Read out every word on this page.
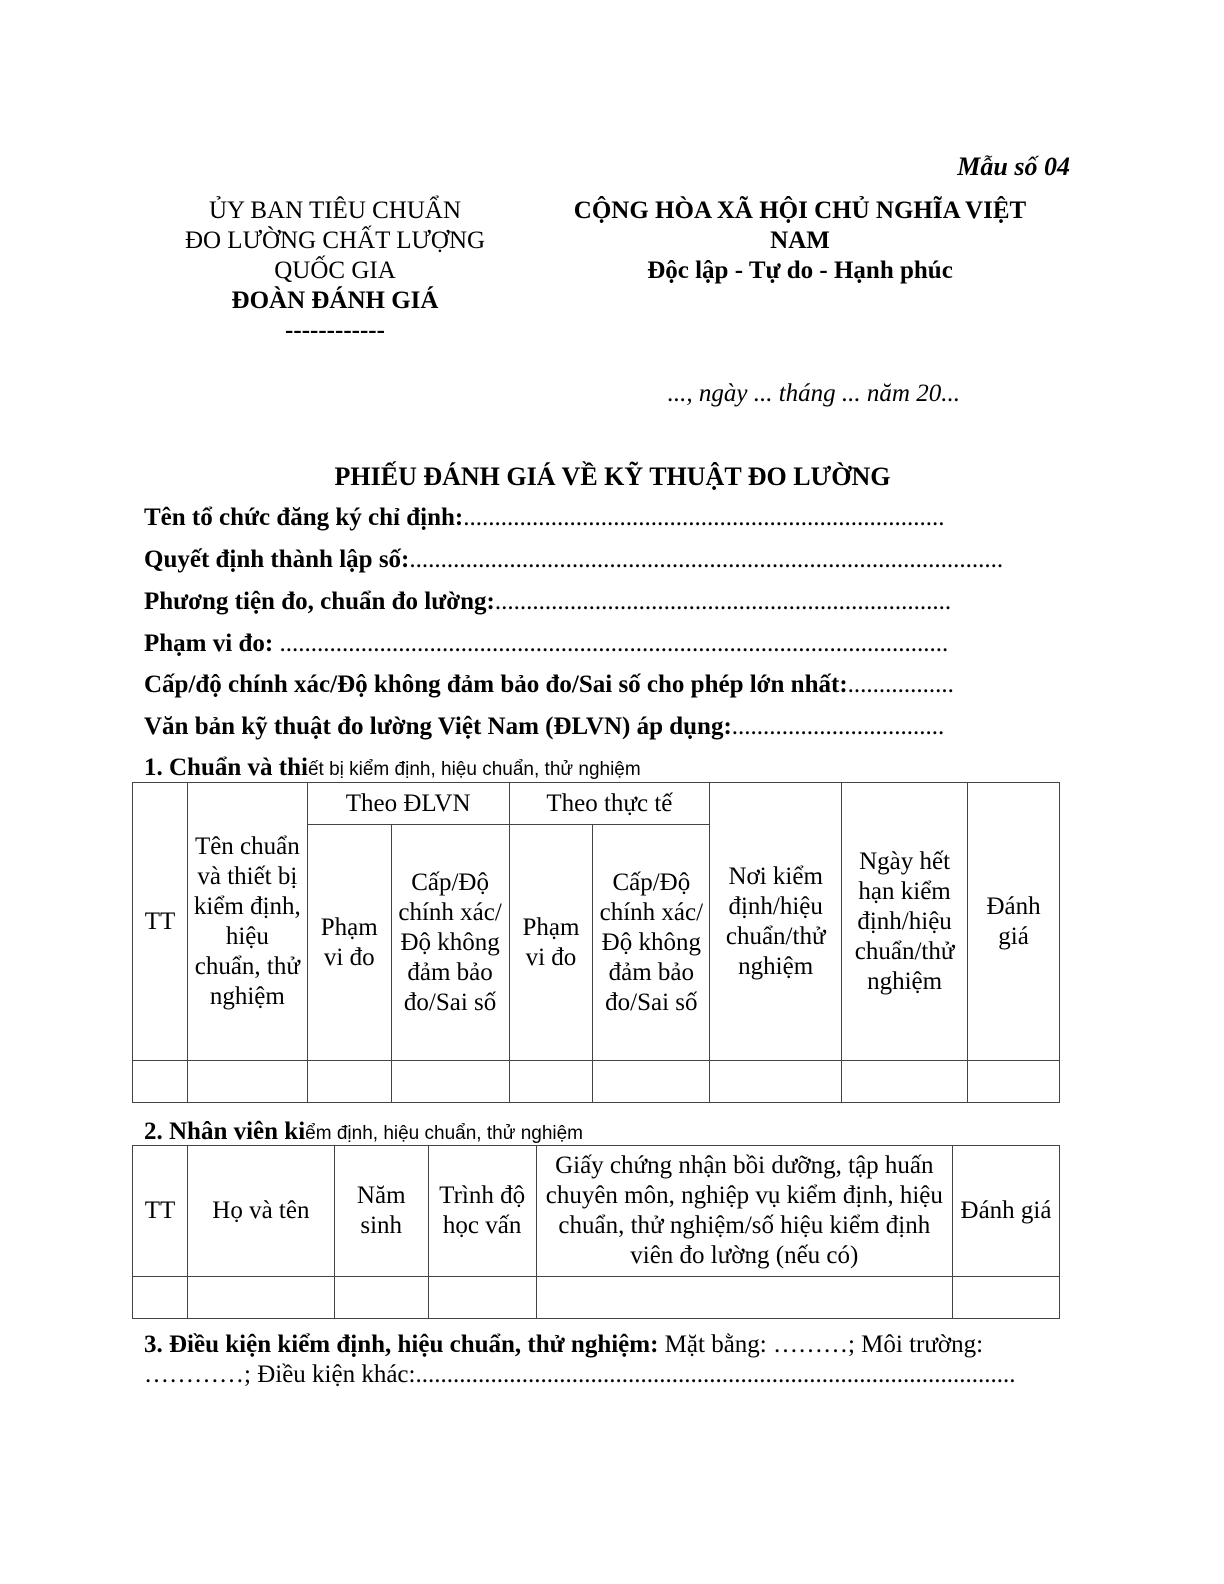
Mẫu số 04
ỦY BAN TIÊU CHUẨN
ĐO LƯỜNG CHẤT LƯỢNG
QUỐC GIA
ĐOÀN ĐÁNH GIÁ
------------
CỘNG HÒA XÃ HỘI CHỦ NGHĨA VIỆT
NAM
Độc lập - Tự do - Hạnh phúc
..., ngày ... tháng ... năm 20...
PHIẾU ĐÁNH GIÁ VỀ KỸ THUẬT ĐO LƯỜNG
Tên tổ chức đăng ký chỉ định:.............................................................................
Quyết định thành lập số:...............................................................................................
Phương tiện đo, chuẩn đo lường:.........................................................................
Phạm vi đo: ...........................................................................................................
Cấp/độ chính xác/Độ không đảm bảo đo/Sai số cho phép lớn nhất:.................
Văn bản kỹ thuật đo lường Việt Nam (ĐLVN) áp dụng:..................................
1. Chuẩn và thiết bị kiểm định, hiệu chuẩn, thử nghiệm
TT	Tên chuẩn và thiết bị kiểm định, hiệu chuẩn, thử nghiệm	Theo ĐLVN		Theo thực tế		Nơi kiểm định/hiệu chuẩn/thử nghiệm	Ngày hết hạn kiểm định/hiệu chuẩn/thử nghiệm	Đánh giá
		Phạm vi đo	Cấp/Độ chính xác/Độ không đảm bảo đo/Sai số	Phạm vi đo	Cấp/Độ chính xác/Độ không đảm bảo đo/Sai số			

2. Nhân viên kiểm định, hiệu chuẩn, thử nghiệm
TT	Họ và tên	Năm sinh	Trình độ học vấn	Giấy chứng nhận bồi dưỡng, tập huấn chuyên môn, nghiệp vụ kiểm định, hiệu chuẩn, thử nghiệm/số hiệu kiểm định viên đo lường (nếu có)	Đánh giá

3. Điều kiện kiểm định, hiệu chuẩn, thử nghiệm: Mặt bằng: ………; Môi trường: …………; Điều kiện khác:................................................................................................
